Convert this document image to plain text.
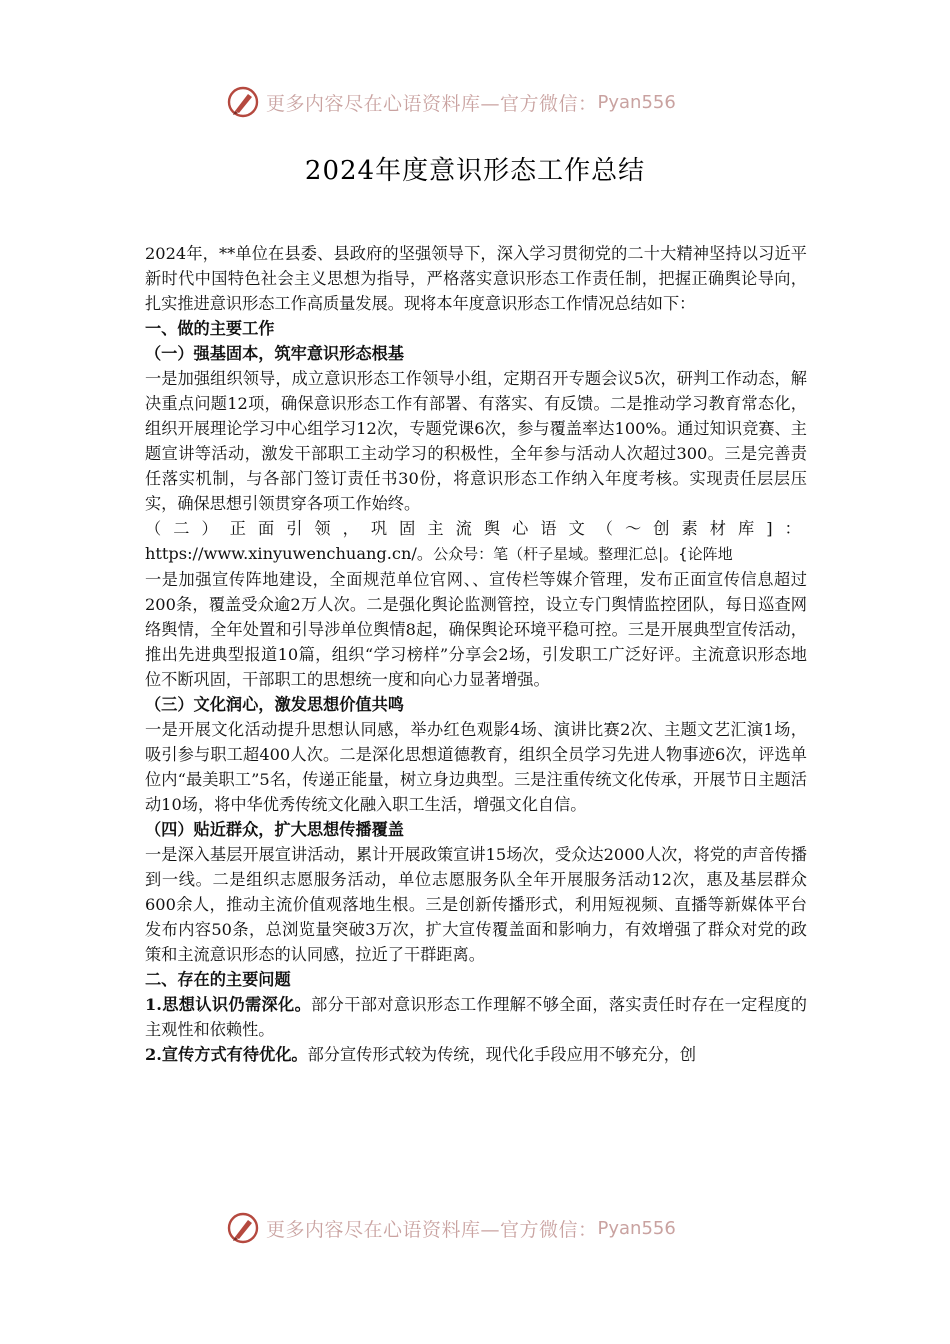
更多内容尽在心语资料库—官方微信： Pyan556
2024年度意识形态工作总结

2024年，**单位在县委、县政府的坚强领导下，深入学习贯彻党的二十大精神坚持以习近平新时代中国特色社会主义思想为指导，严格落实意识形态工作责任制，把握正确舆论导向，扎实推进意识形态工作高质量发展。现将本年度意识形态工作情况总结如下：

一、做的主要工作

（一）强基固本，筑牢意识形态根基

一是加强组织领导，成立意识形态工作领导小组，定期召开专题会议5次，研判工作动态，解决重点问题12项，确保意识形态工作有部署、有落实、有反馈。二是推动学习教育常态化，组织开展理论学习中心组学习12次，专题党课6次，参与覆盖率达100%。通过知识竞赛、主题宣讲等活动，激发干部职工主动学习的积极性，全年参与活动人次超过300。三是完善责任落实机制，与各部门签订责任书30份，将意识形态工作纳入年度考核。实现责任层层压实，确保思想引领贯穿各项工作始终。

（二）正面引领，巩固主流舆心语文（～创素材库]：https://www.xinyuwenchuang.cn/。公众号：笔（杆子星域。整理汇总|。{论阵地

一是加强宣传阵地建设，全面规范单位官网、、宣传栏等媒介管理，发布正面宣传信息超过200条，覆盖受众逾2万人次。二是强化舆论监测管控，设立专门舆情监控团队，每日巡查网络舆情，全年处置和引导涉单位舆情8起，确保舆论环境平稳可控。三是开展典型宣传活动，推出先进典型报道10篇，组织“学习榜样”分享会2场，引发职工广泛好评。主流意识形态地位不断巩固，干部职工的思想统一度和向心力显著增强。

（三）文化润心，激发思想价值共鸣

一是开展文化活动提升思想认同感，举办红色观影4场、演讲比赛2次、主题文艺汇演1场，吸引参与职工超400人次。二是深化思想道德教育，组织全员学习先进人物事迹6次，评选单位内“最美职工”5名，传递正能量，树立身边典型。三是注重传统文化传承，开展节日主题活动10场，将中华优秀传统文化融入职工生活，增强文化自信。

（四）贴近群众，扩大思想传播覆盖

一是深入基层开展宣讲活动，累计开展政策宣讲15场次，受众达2000人次，将党的声音传播到一线。二是组织志愿服务活动，单位志愿服务队全年开展服务活动12次，惠及基层群众600余人，推动主流价值观落地生根。三是创新传播形式，利用短视频、直播等新媒体平台发布内容50条，总浏览量突破3万次，扩大宣传覆盖面和影响力，有效增强了群众对党的政策和主流意识形态的认同感，拉近了干群距离。

二、存在的主要问题

1.思想认识仍需深化。部分干部对意识形态工作理解不够全面，落实责任时存在一定程度的主观性和依赖性。

2.宣传方式有待优化。部分宣传形式较为传统，现代化手段应用不够充分，创

更多内容尽在心语资料库—官方微信： Pyan556
